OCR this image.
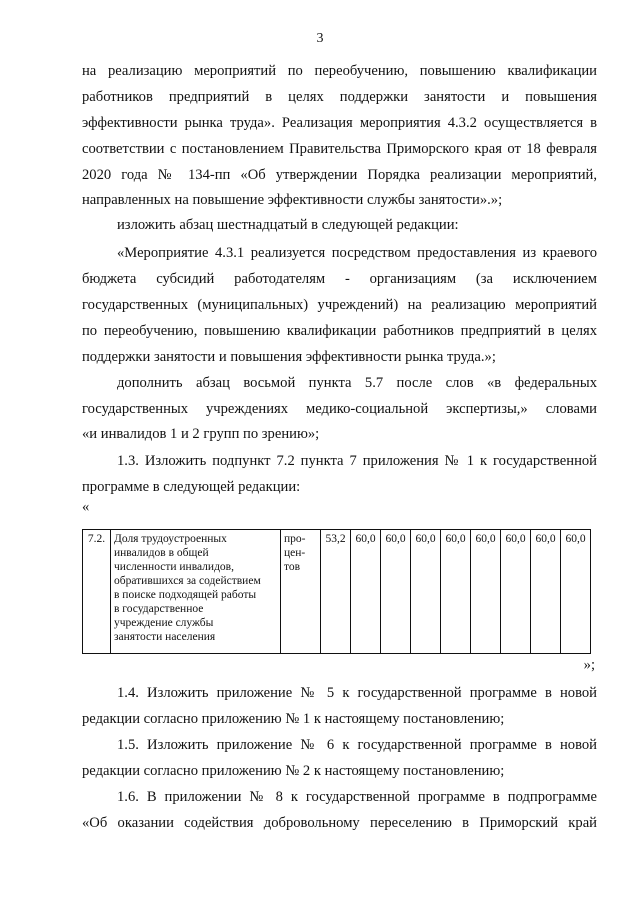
3
на реализацию мероприятий по переобучению, повышению квалификации
работников предприятий в целях поддержки занятости и повышения
эффективности рынка труда». Реализация мероприятия 4.3.2 осуществляется в
соответствии с постановлением Правительства Приморского края от 18 февраля
2020 года № 134-пп «Об утверждении Порядка реализации мероприятий,
направленных на повышение эффективности службы занятости».»;
изложить абзац шестнадцатый в следующей редакции:
«Мероприятие 4.3.1 реализуется посредством предоставления из краевого
бюджета субсидий работодателям - организациям (за исключением
государственных (муниципальных) учреждений) на реализацию мероприятий
по переобучению, повышению квалификации работников предприятий в целях
поддержки занятости и повышения эффективности рынка труда.»;
дополнить абзац восьмой пункта 5.7 после слов «в федеральных
государственных учреждениях медико-социальной экспертизы,» словами
«и инвалидов 1 и 2 групп по зрению»;
1.3. Изложить подпункт 7.2 пункта 7 приложения № 1 к государственной
программе в следующей редакции:
«
7.2.	Доля трудоустроенных
инвалидов в общей
численности инвалидов,
обратившихся за содействием
в поиске подходящей работы
в государственное
учреждение службы
занятости населения	про-
цен-
тов	53,2	60,0	60,0	60,0	60,0	60,0	60,0	60,0	60,0
»;
1.4. Изложить приложение № 5 к государственной программе в новой
редакции согласно приложению № 1 к настоящему постановлению;
1.5. Изложить приложение № 6 к государственной программе в новой
редакции согласно приложению № 2 к настоящему постановлению;
1.6. В приложении № 8 к государственной программе в подпрограмме
«Об оказании содействия добровольному переселению в Приморский край
